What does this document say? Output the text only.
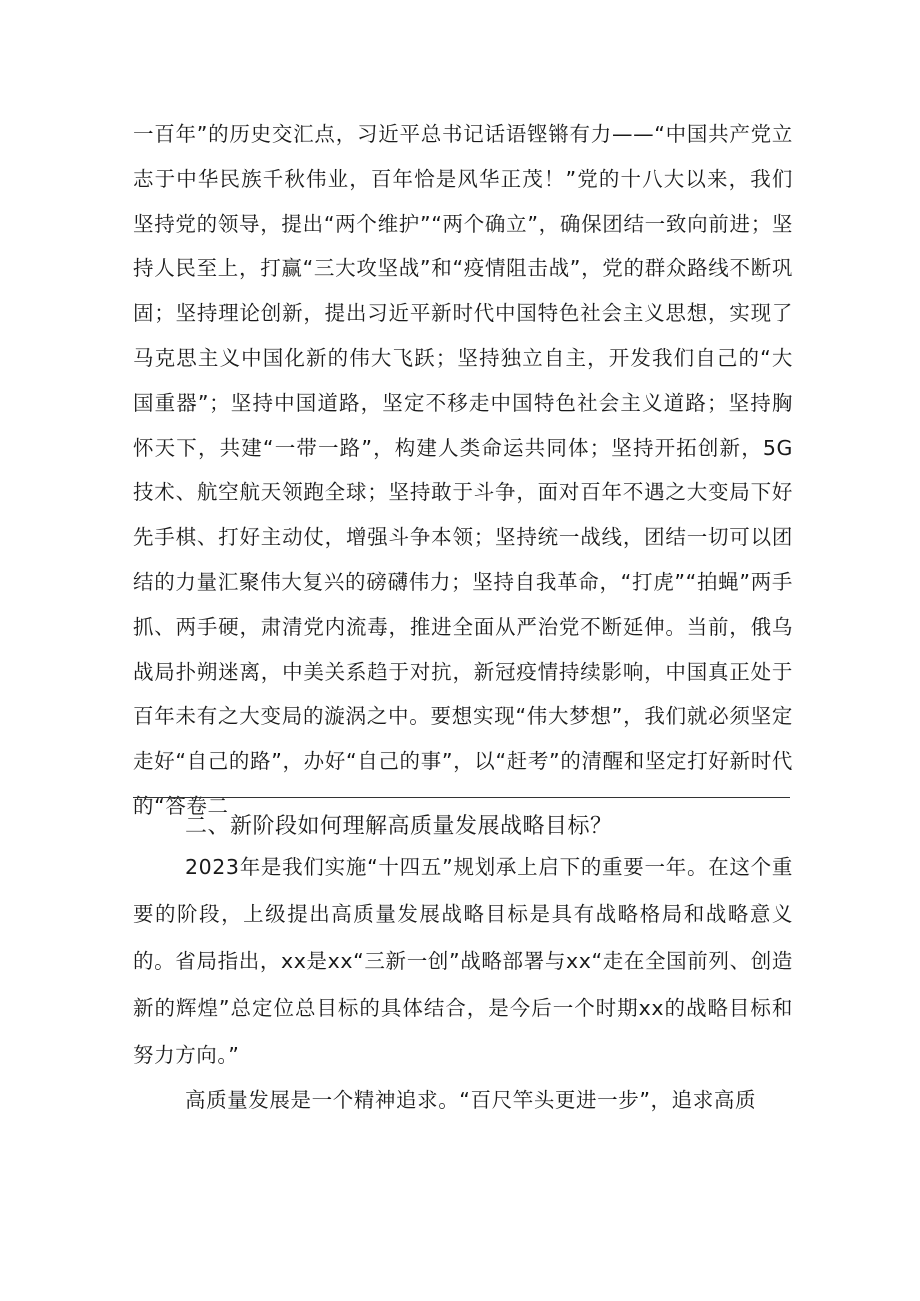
一百年”的历史交汇点，习近平总书记话语铿锵有力——“中国共产党立志于中华民族千秋伟业，百年恰是风华正茂！”党的十八大以来，我们坚持党的领导，提出“两个维护”“两个确立”，确保团结一致向前进；坚持人民至上，打赢“三大攻坚战”和“疫情阻击战”，党的群众路线不断巩固；坚持理论创新，提出习近平新时代中国特色社会主义思想，实现了马克思主义中国化新的伟大飞跃；坚持独立自主，开发我们自己的“大国重器”；坚持中国道路，坚定不移走中国特色社会主义道路；坚持胸怀天下，共建“一带一路”，构建人类命运共同体；坚持开拓创新，5G技术、航空航天领跑全球；坚持敢于斗争，面对百年不遇之大变局下好先手棋、打好主动仗，增强斗争本领；坚持统一战线，团结一切可以团结的力量汇聚伟大复兴的磅礴伟力；坚持自我革命，“打虎”“拍蝇”两手抓、两手硬，肃清党内流毒，推进全面从严治党不断延伸。当前，俄乌战局扑朔迷离，中美关系趋于对抗，新冠疫情持续影响，中国真正处于百年未有之大变局的漩涡之中。要想实现“伟大梦想”，我们就必须坚定走好“自己的路”，办好“自己的事”，以“赶考”的清醒和坚定打好新时代的“答卷二
二、新阶段如何理解高质量发展战略目标？
2023年是我们实施“十四五”规划承上启下的重要一年。在这个重要的阶段，上级提出高质量发展战略目标是具有战略格局和战略意义的。省局指出，xx是xx“三新一创”战略部署与xx“走在全国前列、创造新的辉煌”总定位总目标的具体结合，是今后一个时期xx的战略目标和努力方向。”
高质量发展是一个精神追求。“百尺竿头更进一步”，追求高质
